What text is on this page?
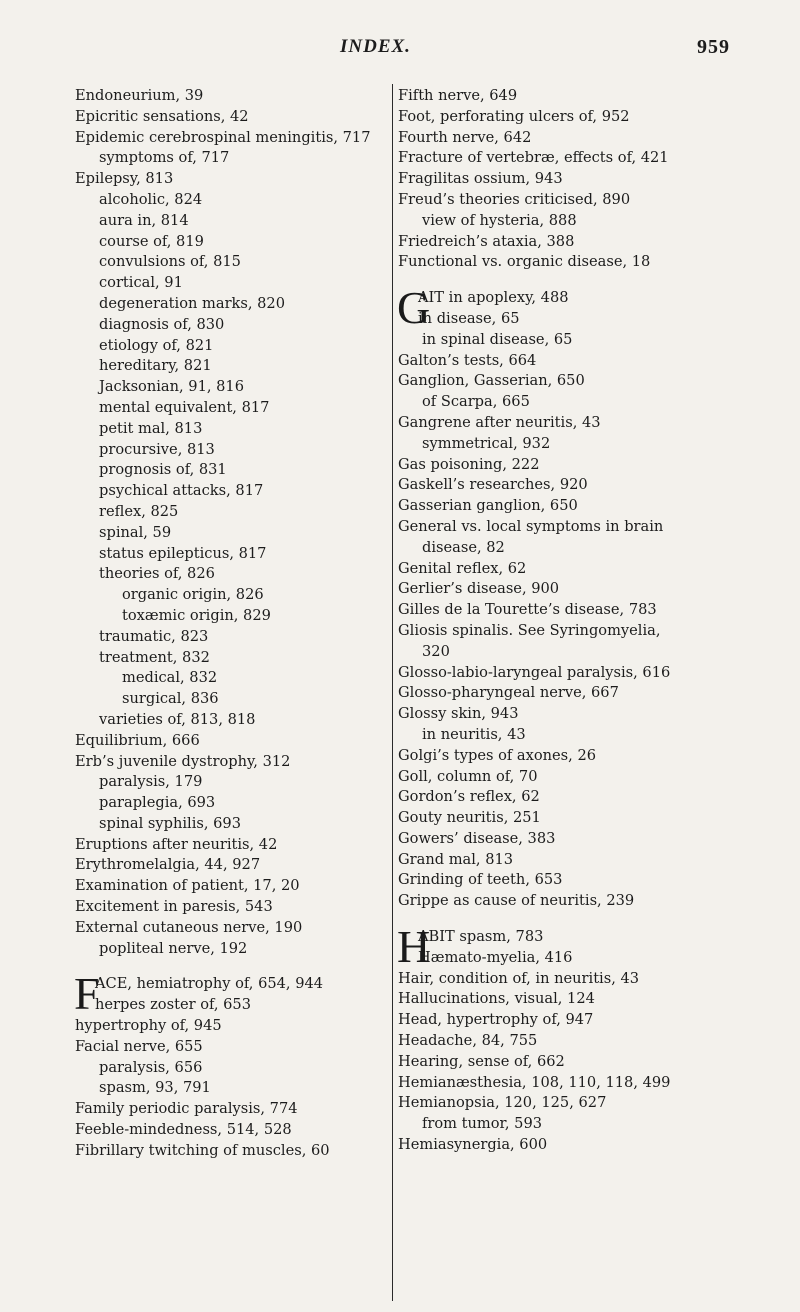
INDEX.	959
Endoneurium, 39
Epicritic sensations, 42
Epidemic cerebrospinal meningitis, 717
symptoms of, 717
Epilepsy, 813
alcoholic, 824
aura in, 814
course of, 819
convulsions of, 815
cortical, 91
degeneration marks, 820
diagnosis of, 830
etiology of, 821
hereditary, 821
Jacksonian, 91, 816
mental equivalent, 817
petit mal, 813
procursive, 813
prognosis of, 831
psychical attacks, 817
reflex, 825
spinal, 59
status epilepticus, 817
theories of, 826
organic origin, 826
toxæmic origin, 829
traumatic, 823
treatment, 832
medical, 832
surgical, 836
varieties of, 813, 818
Equilibrium, 666
Erb’s juvenile dystrophy, 312
paralysis, 179
paraplegia, 693
spinal syphilis, 693
Eruptions after neuritis, 42
Erythromelalgia, 44, 927
Examination of patient, 17, 20
Excitement in paresis, 543
External cutaneous nerve, 190
popliteal nerve, 192
F
ACE, hemiatrophy of, 654, 944
herpes zoster of, 653
hypertrophy of, 945
Facial nerve, 655
paralysis, 656
spasm, 93, 791
Family periodic paralysis, 774
Feeble-mindedness, 514, 528
Fibrillary twitching of muscles, 60
Fifth nerve, 649
Foot, perforating ulcers of, 952
Fourth nerve, 642
Fracture of vertebræ, effects of, 421
Fragilitas ossium, 943
Freud’s theories criticised, 890
view of hysteria, 888
Friedreich’s ataxia, 388
Functional vs. organic disease, 18
G
AIT in apoplexy, 488
in disease, 65
in spinal disease, 65
Galton’s tests, 664
Ganglion, Gasserian, 650
of Scarpa, 665
Gangrene after neuritis, 43
symmetrical, 932
Gas poisoning, 222
Gaskell’s researches, 920
Gasserian ganglion, 650
General vs. local symptoms in brain
disease, 82
Genital reflex, 62
Gerlier’s disease, 900
Gilles de la Tourette’s disease, 783
Gliosis spinalis. See Syringomyelia,
320
Glosso-labio-laryngeal paralysis, 616
Glosso-pharyngeal nerve, 667
Glossy skin, 943
in neuritis, 43
Golgi’s types of axones, 26
Goll, column of, 70
Gordon’s reflex, 62
Gouty neuritis, 251
Gowers’ disease, 383
Grand mal, 813
Grinding of teeth, 653
Grippe as cause of neuritis, 239
H
ABIT spasm, 783
Hæmato-myelia, 416
Hair, condition of, in neuritis, 43
Hallucinations, visual, 124
Head, hypertrophy of, 947
Headache, 84, 755
Hearing, sense of, 662
Hemianæsthesia, 108, 110, 118, 499
Hemianopsia, 120, 125, 627
from tumor, 593
Hemiasynergia, 600
